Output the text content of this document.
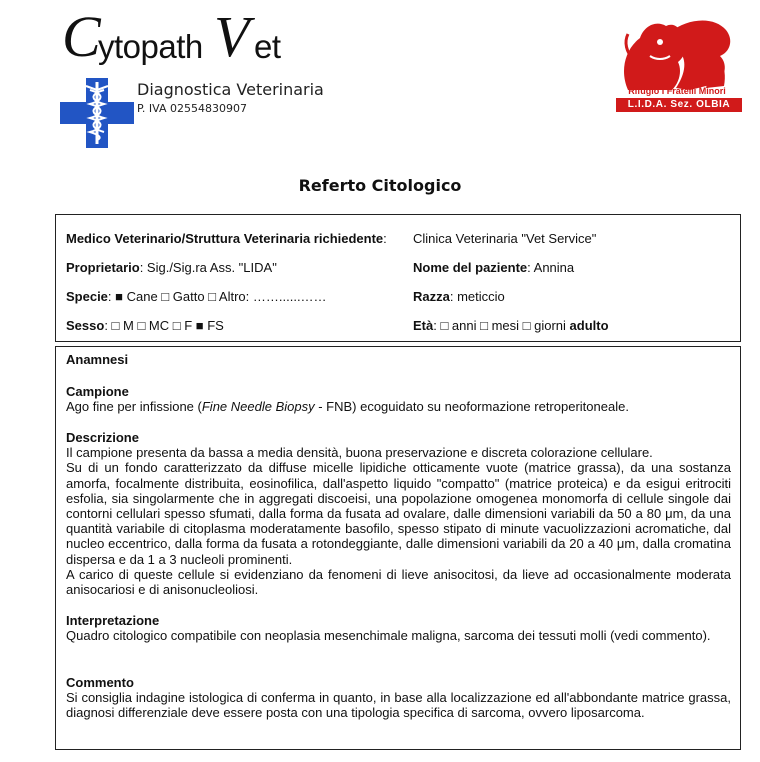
C
ytopath V et
Diagnostica Veterinaria
P. IVA 02554830907
Rifugio I Fratelli Minori
L.I.D.A. Sez. OLBIA
Referto Citologico
Medico Veterinario/Struttura Veterinaria richiedente: Clinica Veterinaria "Vet Service"
Proprietario: Sig./Sig.ra Ass. "LIDA"	Nome del paziente: Annina
Specie: ■ Cane □ Gatto □ Altro: ……......……	Razza: meticcio
Sesso: □ M □ MC □ F ■ FS	Età: □ anni □ mesi □ giorni adulto
Anamnesi
Campione

Ago fine per infissione (Fine Needle Biopsy - FNB) ecoguidato su neoformazione retroperitoneale.

Descrizione

Il campione presenta da bassa a media densità, buona preservazione e discreta colorazione cellulare.

Su di un fondo caratterizzato da diffuse micelle lipidiche otticamente vuote (matrice grassa), da una sostanza amorfa, focalmente distribuita, eosinofilica, dall'aspetto liquido "compatto" (matrice proteica) e da esigui eritrociti esfolia, sia singolarmente che in aggregati discoeisi, una popolazione omogenea monomorfa di cellule singole dai contorni cellulari spesso sfumati, dalla forma da fusata ad ovalare, dalle dimensioni variabili da 50 a 80 μm, da una quantità variabile di citoplasma moderatamente basofilo, spesso stipato di minute vacuolizzazioni acromatiche, dal nucleo eccentrico, dalla forma da fusata a rotondeggiante, dalle dimensioni variabili da 20 a 40 μm, dalla cromatina dispersa e da 1 a 3 nucleoli prominenti.

A carico di queste cellule si evidenziano da fenomeni di lieve anisocitosi, da lieve ad occasionalmente moderata anisocariosi e di anisonucleoliosi.

Interpretazione

Quadro citologico compatibile con neoplasia mesenchimale maligna, sarcoma dei tessuti molli (vedi commento).

Commento

Si consiglia indagine istologica di conferma in quanto, in base alla localizzazione ed all'abbondante matrice grassa, diagnosi differenziale deve essere posta con una tipologia specifica di sarcoma, ovvero liposarcoma.
